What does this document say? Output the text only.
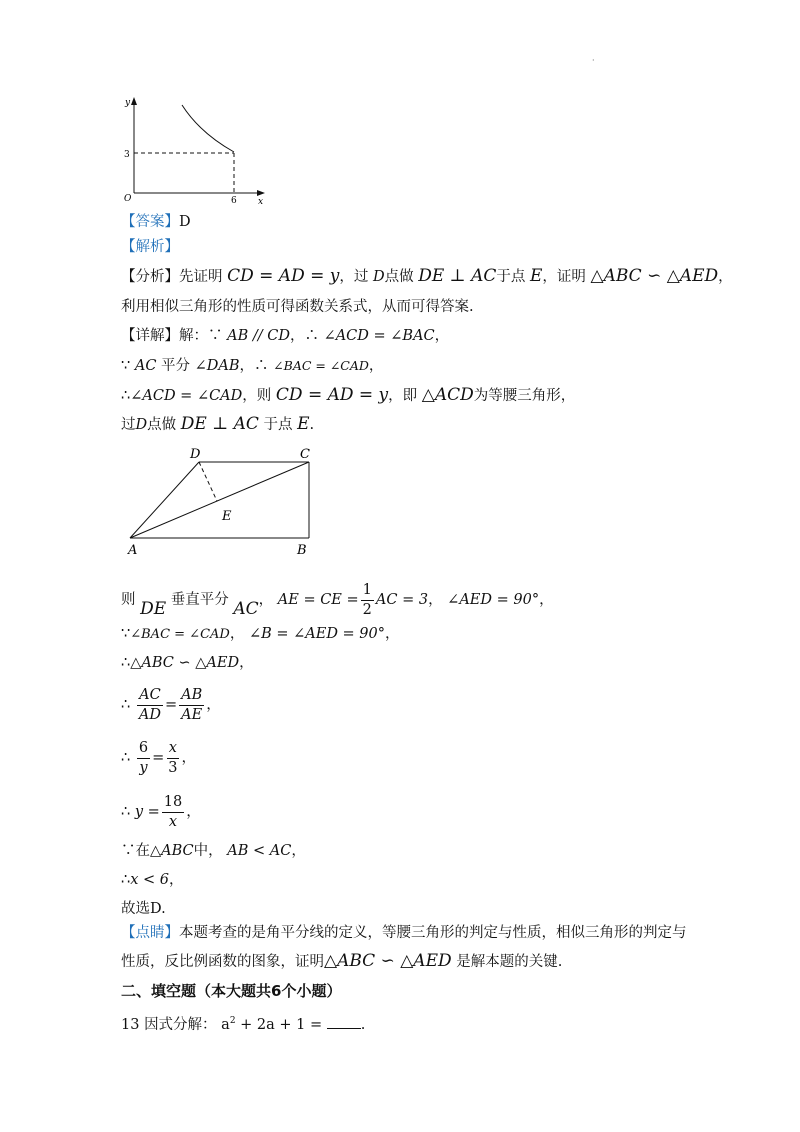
·
y
x
O
3
6
【答案】D
【解析】
【分析】先证明 CD = AD = y，过 D点做 DE ⊥ AC于点 E，证明 △ABC ∽ △AED，
利用相似三角形的性质可得函数关系式，从而可得答案.
【详解】解：∵ AB // CD，∴ ∠ACD = ∠BAC，
∵ AC 平分 ∠DAB，∴ ∠BAC = ∠CAD，
∴∠ACD = ∠CAD，则 CD = AD = y，即 △ACD为等腰三角形，
过D点做 DE ⊥ AC 于点 E.
D	C
E
A	B
则 DE 垂直平分 AC， AE = CE = $\frac{1}{2}$ AC = 3， ∠AED = 90°，
∵∠BAC = ∠CAD， ∠B = ∠AED = 90°，
∴△ABC ∽ △AED，
∴ $\frac{AC}{AD} = \frac{AB}{AE}$ ，
∴ $\frac{6}{y} = \frac{x}{3}$ ，
∴ $y = \frac{18}{x}$ ，
∵在△ABC中， AB < AC，
∴x < 6，
故选D.
【点睛】本题考查的是角平分线的定义，等腰三角形的判定与性质，相似三角形的判定与
性质，反比例函数的图象，证明△ABC ∽ △AED 是解本题的关键.
二、填空题（本大题共6个小题）
13 因式分解： $a^2 + 2a + 1$ =	.
